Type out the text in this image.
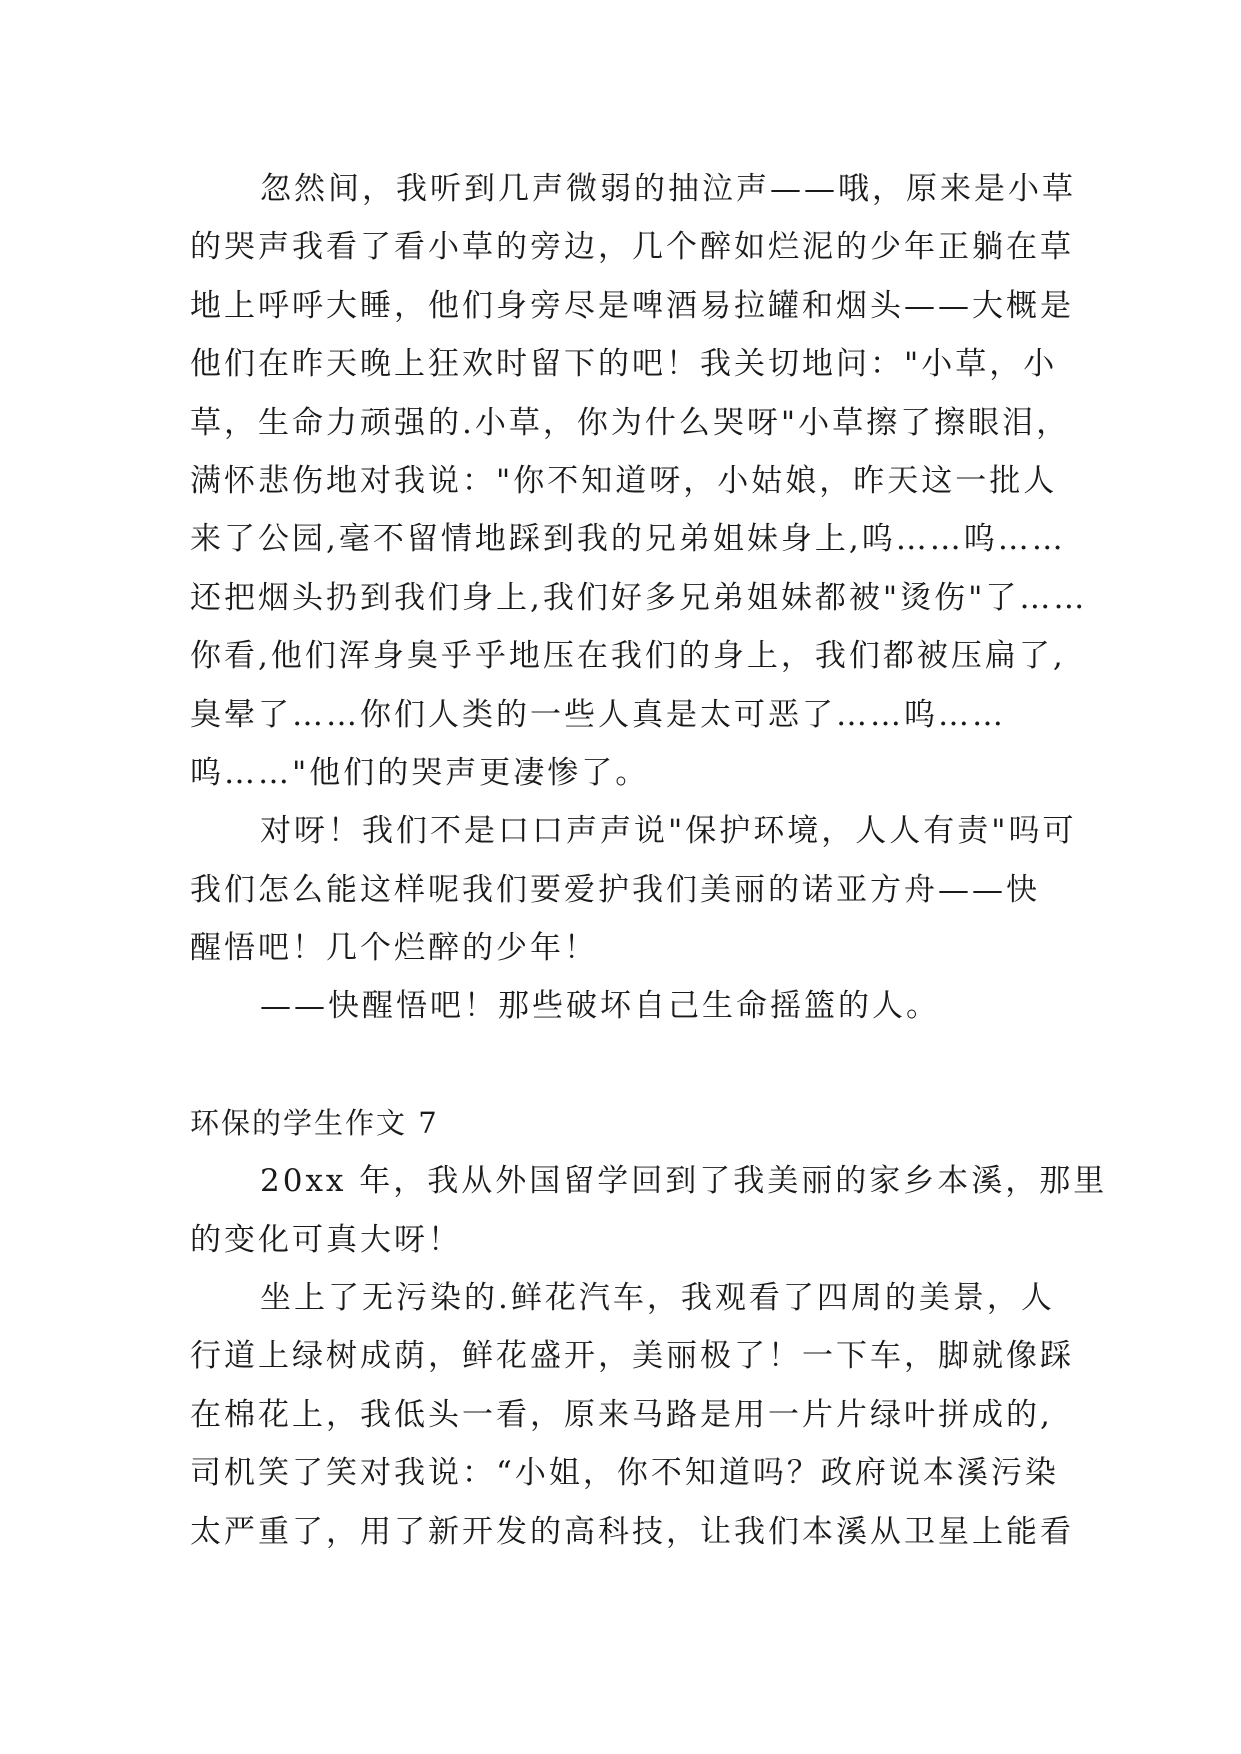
忽然间，我听到几声微弱的抽泣声——哦，原来是小草
的哭声我看了看小草的旁边，几个醉如烂泥的少年正躺在草
地上呼呼大睡，他们身旁尽是啤酒易拉罐和烟头——大概是
他们在昨天晚上狂欢时留下的吧！我关切地问："小草，小
草，生命力顽强的.小草，你为什么哭呀"小草擦了擦眼泪，
满怀悲伤地对我说："你不知道呀，小姑娘，昨天这一批人
来了公园,毫不留情地踩到我的兄弟姐妹身上,呜……呜……
还把烟头扔到我们身上,我们好多兄弟姐妹都被"烫伤"了……
你看,他们浑身臭乎乎地压在我们的身上，我们都被压扁了,
臭晕了……你们人类的一些人真是太可恶了……呜……
呜……"他们的哭声更凄惨了。
对呀！我们不是口口声声说"保护环境，人人有责"吗可
我们怎么能这样呢我们要爱护我们美丽的诺亚方舟——快
醒悟吧！几个烂醉的少年！
——快醒悟吧！那些破坏自己生命摇篮的人。
环保的学生作文 7
20xx 年，我从外国留学回到了我美丽的家乡本溪，那里
的变化可真大呀！
坐上了无污染的.鲜花汽车，我观看了四周的美景，人
行道上绿树成荫，鲜花盛开，美丽极了！一下车，脚就像踩
在棉花上，我低头一看，原来马路是用一片片绿叶拼成的,
司机笑了笑对我说：“小姐，你不知道吗？政府说本溪污染
太严重了，用了新开发的高科技，让我们本溪从卫星上能看
